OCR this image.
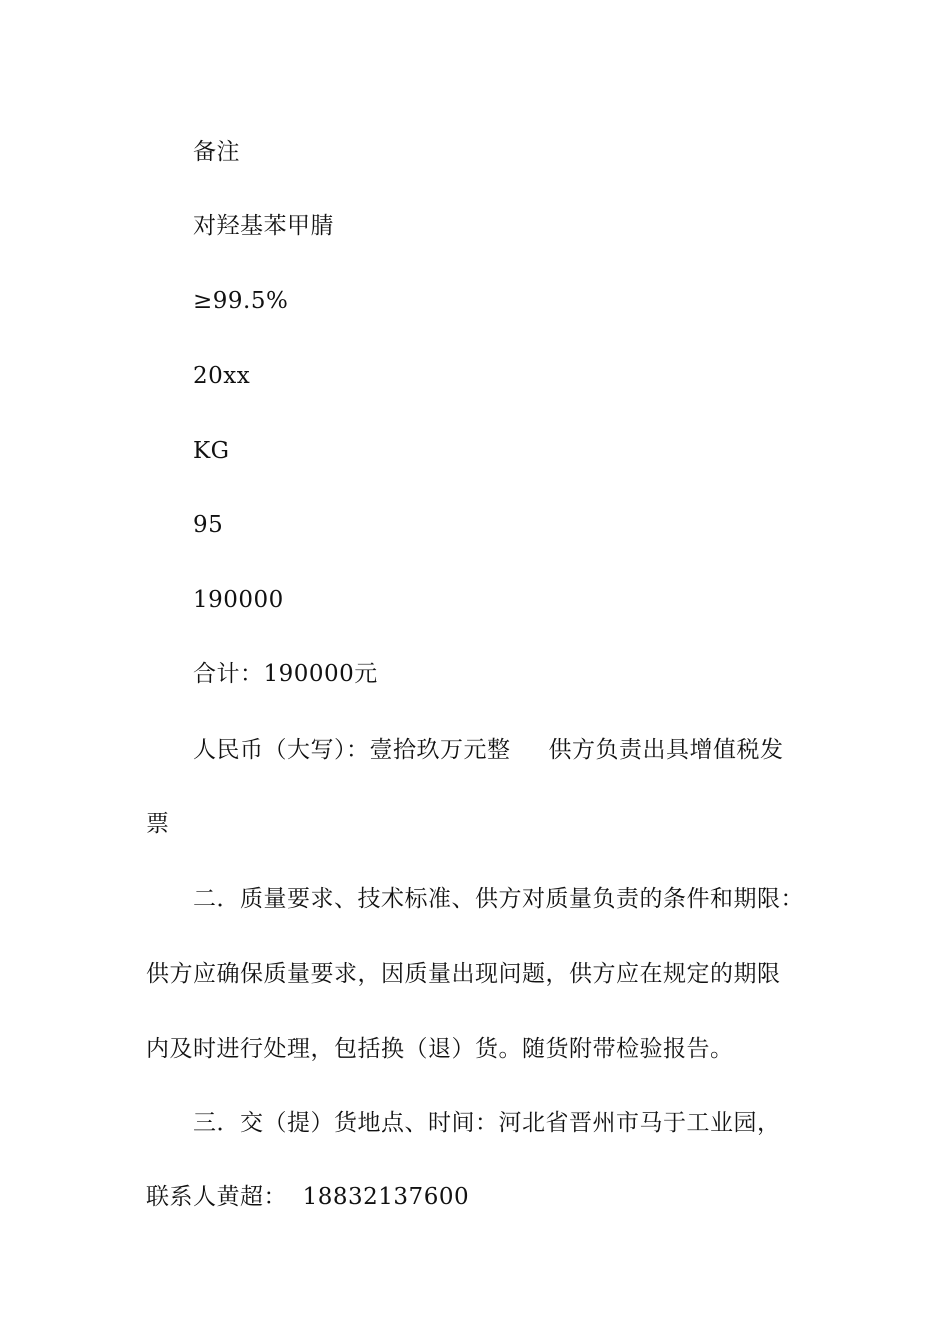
备注
对羟基苯甲腈
≥99.5%
20xx
KG
95
190000
合计：190000元
人民币（大写）：壹拾玖万元整 供方负责出具增值税发
票
二．质量要求、技术标准、供方对质量负责的条件和期限：
供方应确保质量要求，因质量出现问题，供方应在规定的期限
内及时进行处理，包括换（退）货。随货附带检验报告。
三．交（提）货地点、时间：河北省晋州市马于工业园，
联系人黄超：  18832137600
